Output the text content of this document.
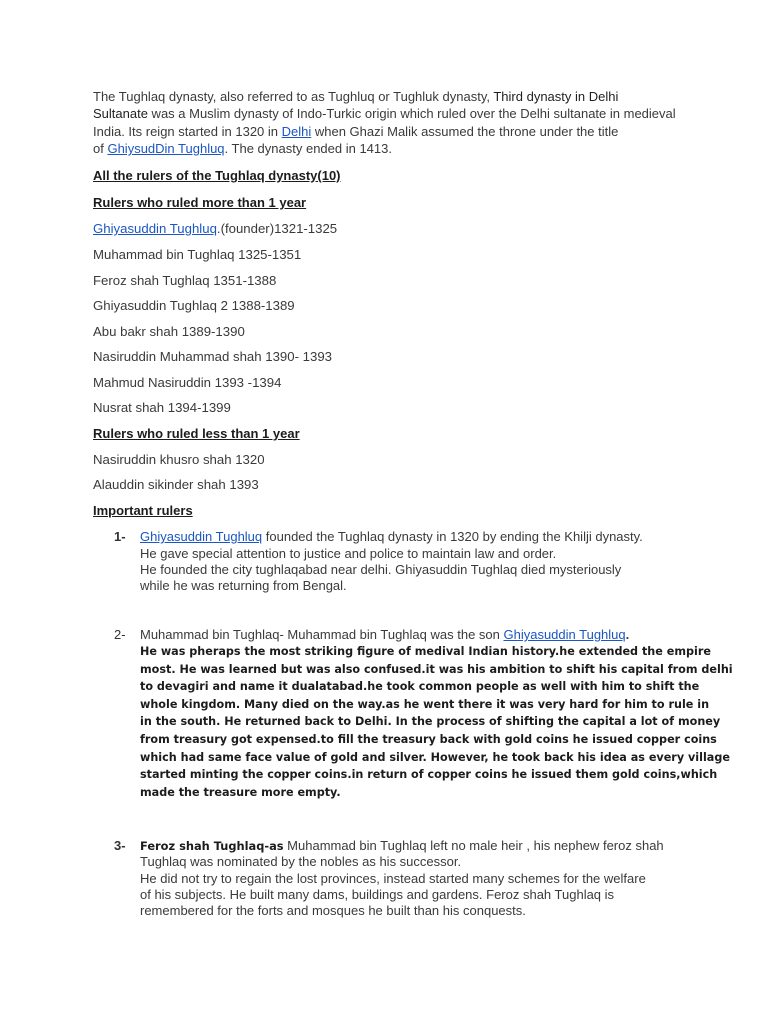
The Tughlaq dynasty, also referred to as Tughluq or Tughluk dynasty, Third dynasty in Delhi
Sultanate was a Muslim dynasty of Indo-Turkic origin which ruled over the Delhi sultanate in medieval
India. Its reign started in 1320 in Delhi when Ghazi Malik assumed the throne under the title
of GhiysudDin Tughluq. The dynasty ended in 1413.
All the rulers of the Tughlaq dynasty(10)
Rulers who ruled more than 1 year
Ghiyasuddin Tughluq.(founder)1321-1325
Muhammad bin Tughlaq 1325-1351
Feroz shah Tughlaq 1351-1388
Ghiyasuddin Tughlaq 2 1388-1389
Abu bakr shah 1389-1390
Nasiruddin Muhammad shah 1390- 1393
Mahmud Nasiruddin 1393 -1394
Nusrat shah 1394-1399
Rulers who ruled less than 1 year
Nasiruddin khusro shah 1320
Alauddin sikinder shah 1393
Important rulers
1- Ghiyasuddin Tughluq founded the Tughlaq dynasty in 1320 by ending the Khilji dynasty.
He gave special attention to justice and police to maintain law and order.
He founded the city tughlaqabad near delhi. Ghiyasuddin Tughlaq died mysteriously
while he was returning from Bengal.
2- Muhammad bin Tughlaq- Muhammad bin Tughlaq was the son Ghiyasuddin Tughluq.
He was pheraps the most striking figure of medival Indian history.he extended the empire
most. He was learned but was also confused.it was his ambition to shift his capital from delhi
to devagiri and name it dualatabad.he took common people as well with him to shift the
whole kingdom. Many died on the way.as he went there it was very hard for him to rule in
in the south. He returned back to Delhi. In the process of shifting the capital a lot of money
from treasury got expensed.to fill the treasury back with gold coins he issued copper coins
which had same face value of gold and silver. However, he took back his idea as every village
started minting the copper coins.in return of copper coins he issued them gold coins,which
made the treasure more empty.
3- Feroz shah Tughlaq-as Muhammad bin Tughlaq left no male heir , his nephew feroz shah
Tughlaq was nominated by the nobles as his successor.
He did not try to regain the lost provinces, instead started many schemes for the welfare
of his subjects. He built many dams, buildings and gardens. Feroz shah Tughlaq is
remembered for the forts and mosques he built than his conquests.
